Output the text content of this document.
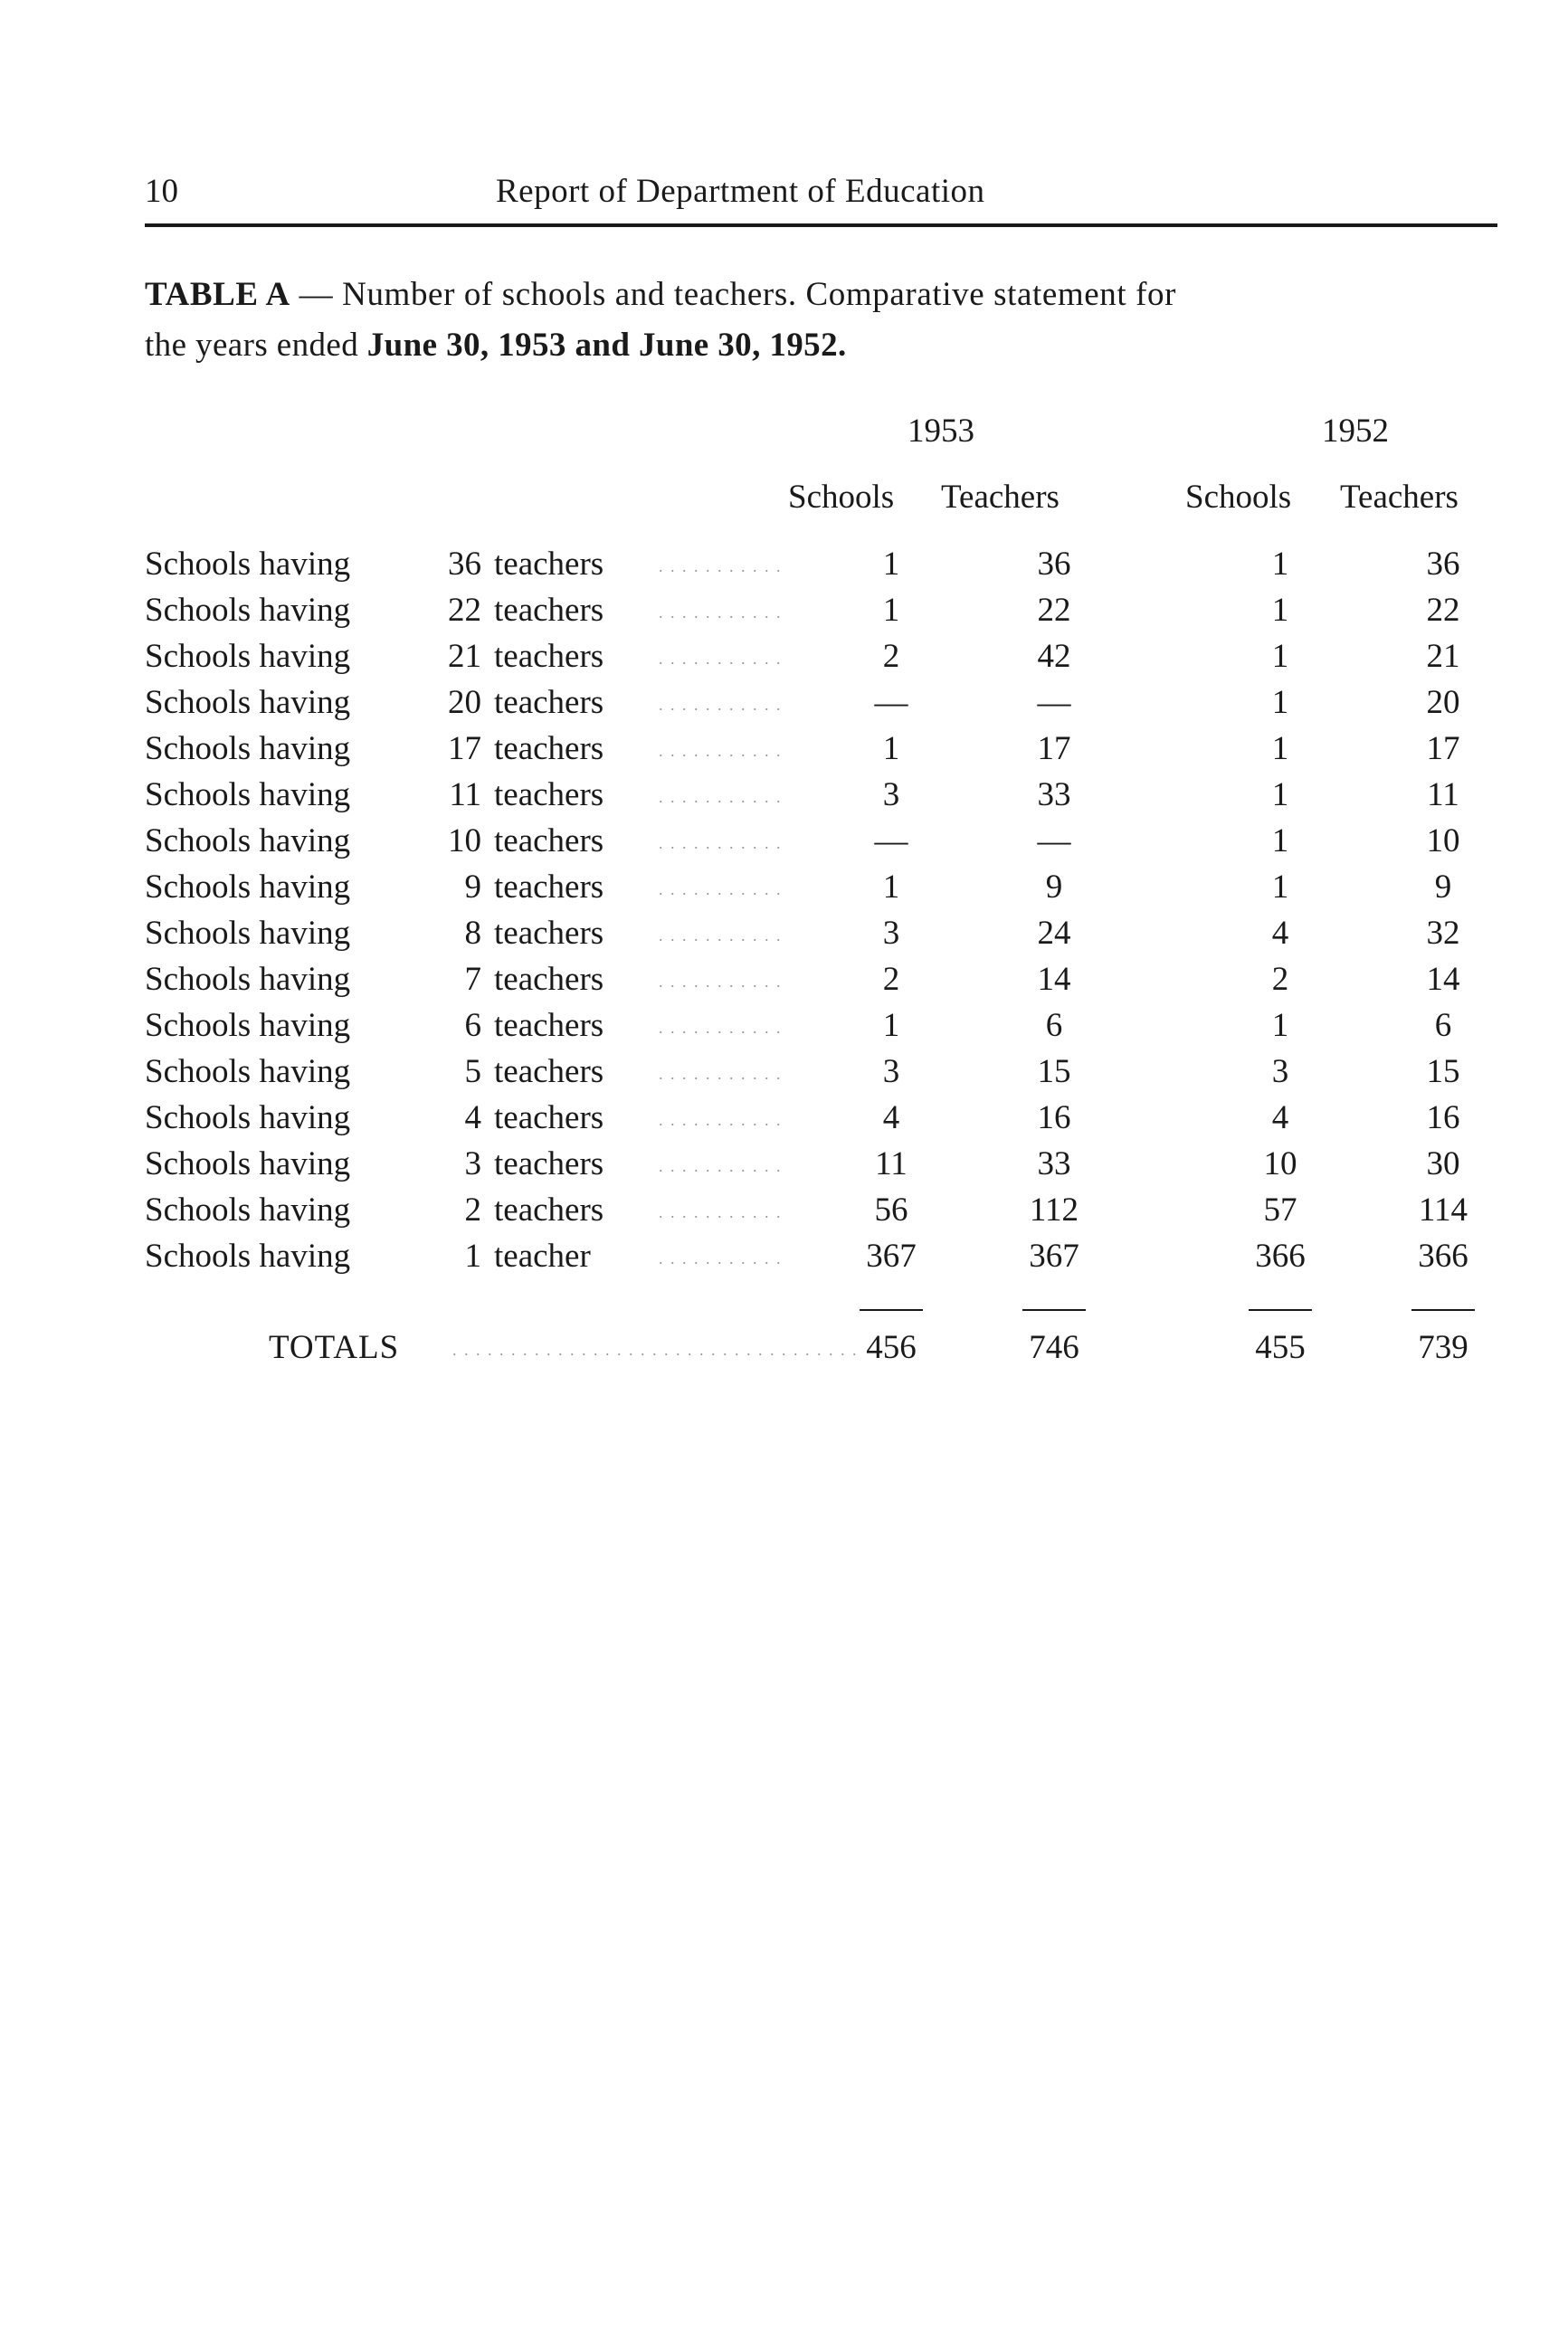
10	Report of Department of Education
TABLE A — Number of schools and teachers. Comparative statement for
the years ended June 30, 1953 and June 30, 1952.
1953	1952
Schools Teachers	Schools Teachers
Schools having	36 teachers	. . . . . . . . . . .	1	36	1	36
Schools having	22 teachers	. . . . . . . . . . .	1	22	1	22
Schools having	21 teachers	. . . . . . . . . . .	2	42	1	21
Schools having	20 teachers	. . . . . . . . . . .	—	—	1	20
Schools having	17 teachers	. . . . . . . . . . .	1	17	1	17
Schools having	11 teachers	. . . . . . . . . . .	3	33	1	11
Schools having	10 teachers	. . . . . . . . . . .	—	—	1	10
Schools having	9 teachers	. . . . . . . . . . .	1	9	1	9
Schools having	8 teachers	. . . . . . . . . . .	3	24	4	32
Schools having	7 teachers	. . . . . . . . . . .	2	14	2	14
Schools having	6 teachers	. . . . . . . . . . .	1	6	1	6
Schools having	5 teachers	. . . . . . . . . . .	3	15	3	15
Schools having	4 teachers	. . . . . . . . . . .	4	16	4	16
Schools having	3 teachers	. . . . . . . . . . .	11	33	10	30
Schools having	2 teachers	. . . . . . . . . . .	56	112	57	114
Schools having	1 teacher	. . . . . . . . . . .	367	367	366	366
TOTALS	. . . . . . . . . . . . . . . . . . . . . . . . . . . . . . . . . . . 456	746	455	739
